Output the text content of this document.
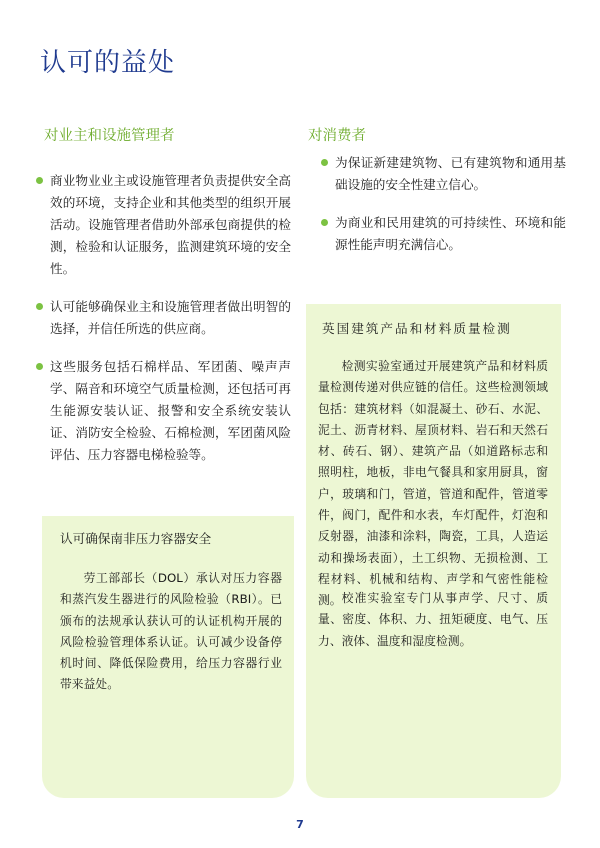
认可的益处
对业主和设施管理者
商业物业业主或设施管理者负责提供安全高效的环境，支持企业和其他类型的组织开展活动。设施管理者借助外部承包商提供的检测，检验和认证服务，监测建筑环境的安全性。
认可能够确保业主和设施管理者做出明智的选择，并信任所选的供应商。
这些服务包括石棉样品、军团菌、噪声声学、隔音和环境空气质量检测，还包括可再生能源安装认证、报警和安全系统安装认证、消防安全检验、石棉检测，军团菌风险评估、压力容器电梯检验等。
对消费者
为保证新建建筑物、已有建筑物和通用基础设施的安全性建立信心。
为商业和民用建筑的可持续性、环境和能源性能声明充满信心。
认可确保南非压力容器安全

劳工部部长（DOL）承认对压力容器和蒸汽发生器进行的风险检验（RBI）。已颁布的法规承认获认可的认证机构开展的风险检验管理体系认证。认可减少设备停机时间、降低保险费用，给压力容器行业带来益处。

英国建筑产品和材料质量检测

检测实验室通过开展建筑产品和材料质量检测传递对供应链的信任。这些检测领域包括：建筑材料（如混凝土、砂石、水泥、泥土、沥青材料、屋顶材料、岩石和天然石材、砖石、钢）、建筑产品（如道路标志和照明柱，地板，非电气餐具和家用厨具，窗户，玻璃和门，管道，管道和配件，管道零件，阀门，配件和水表，车灯配件，灯泡和反射器，油漆和涂料，陶瓷，工具，人造运动和操场表面），土工织物、无损检测、工程材料、机械和结构、声学和气密性能检测。 校准实验室专门从事声学、尺寸、质量、密度、体积、力、扭矩硬度、电气、压力、液体、温度和湿度检测。

7
